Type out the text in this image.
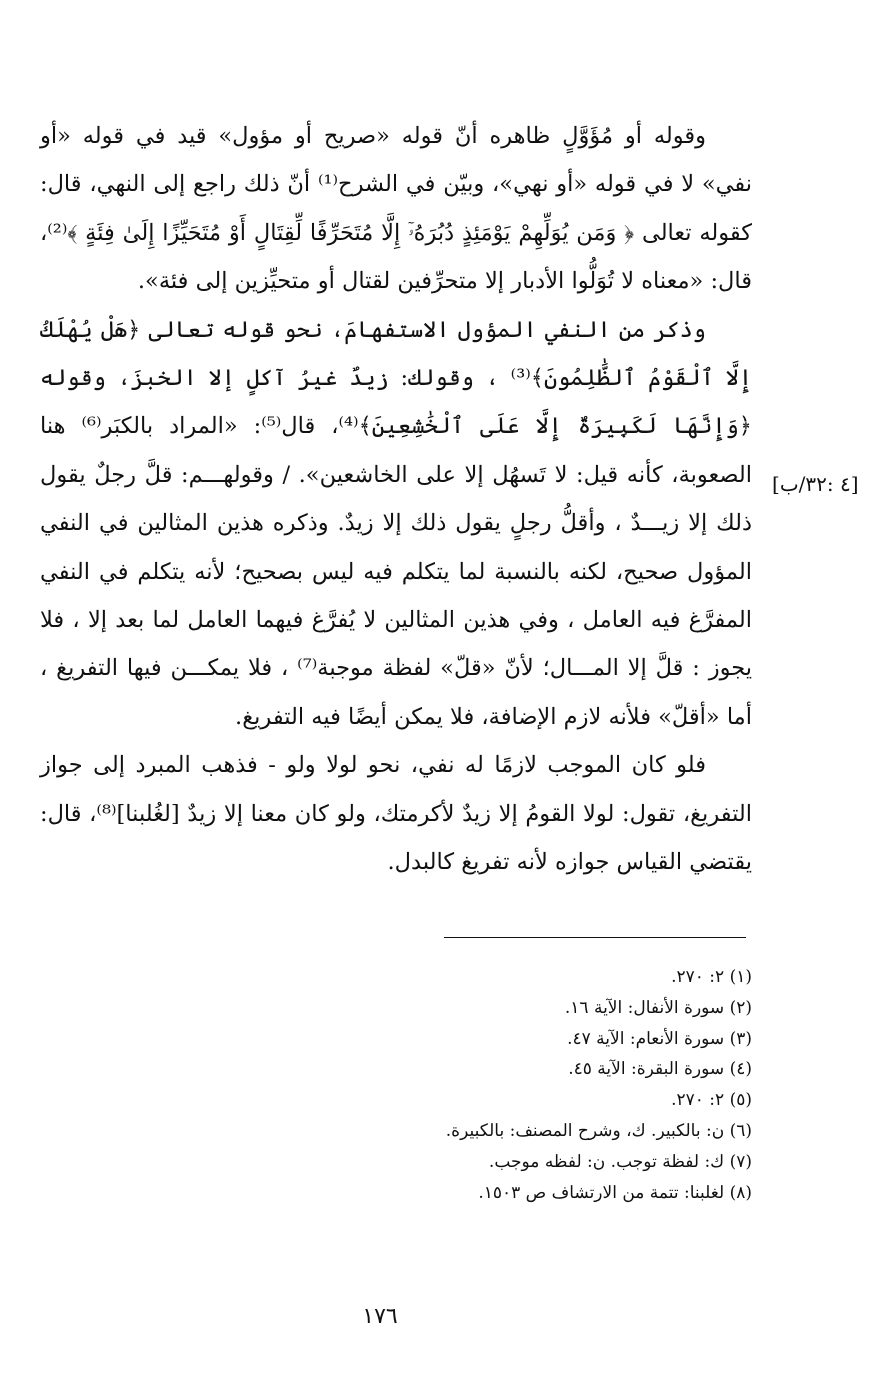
وقوله أو مُؤَوَّلٍ ظاهره أنّ قوله «صريح أو مؤول» قيد في قوله «أو نفي» لا في قوله «أو نهي»، وبيّن في الشرح⁽¹⁾ أنّ ذلك راجع إلى النهي، قال: كقوله تعالى ﴿ وَمَن يُوَلِّهِمْ يَوْمَئِذٍ دُبُرَهُۥٓ إِلَّا مُتَحَرِّفًا لِّقِتَالٍ أَوْ مُتَحَيِّزًا إِلَىٰ فِئَةٍ ﴾⁽²⁾، قال: «معناه لا تُوَلُّوا الأدبار إلا متحرِّفين لقتال أو متحيِّزين إلى فئة».

وذكر من النفي المؤول الاستفهامَ، نحو قوله تعالى ﴿هَلْ يُهْلَكُ إِلَّا ٱلْقَوْمُ ٱلظَّٰلِمُونَ﴾⁽³⁾ ، وقولك: زيدٌ غيرُ آكلٍ إلا الخبزَ، وقوله ﴿وَإِنَّهَا لَكَبِيرَةٌ إِلَّا عَلَى ٱلْخَٰشِعِينَ﴾⁽⁴⁾، قال⁽⁵⁾: «المراد بالكبَر⁽⁶⁾ هنا الصعوبة، كأنه قيل: لا تَسهُل إلا على الخاشعين». / وقولهـــم: قلَّ رجلٌ يقول ذلك إلا زيـــدٌ ، وأقلُّ رجلٍ يقول ذلك إلا زيدٌ. وذكره هذين المثالين في النفي المؤول صحيح، لكنه بالنسبة لما يتكلم فيه ليس بصحيح؛ لأنه يتكلم في النفي المفرَّغ فيه العامل ، وفي هذين المثالين لا يُفرَّغ فيهما العامل لما بعد إلا ، فلا يجوز : قلَّ إلا المـــال؛ لأنّ «قلّ» لفظة موجبة⁽⁷⁾ ، فلا يمكـــن فيها التفريغ ، أما «أقلّ» فلأنه لازم الإضافة، فلا يمكن أيضًا فيه التفريغ.

فلو كان الموجب لازمًا له نفي، نحو لولا ولو - فذهب المبرد إلى جواز التفريغ، تقول: لولا القومُ إلا زيدٌ لأكرمتك، ولو كان معنا إلا زيدٌ [لغُلبنا]⁽⁸⁾، قال: يقتضي القياس جوازه لأنه تفريغ كالبدل.

[٤ :٣٢/ب]

(١) ٢: ٢٧٠.

(٢) سورة الأنفال: الآية ١٦.

(٣) سورة الأنعام: الآية ٤٧.

(٤) سورة البقرة: الآية ٤٥.

(٥) ٢: ٢٧٠.

(٦) ن: بالكبير. ك، وشرح المصنف: بالكبيرة.

(٧) ك: لفظة توجب. ن: لفظه موجب.

(٨) لغلبنا: تتمة من الارتشاف ص ١٥٠٣.

١٧٦
